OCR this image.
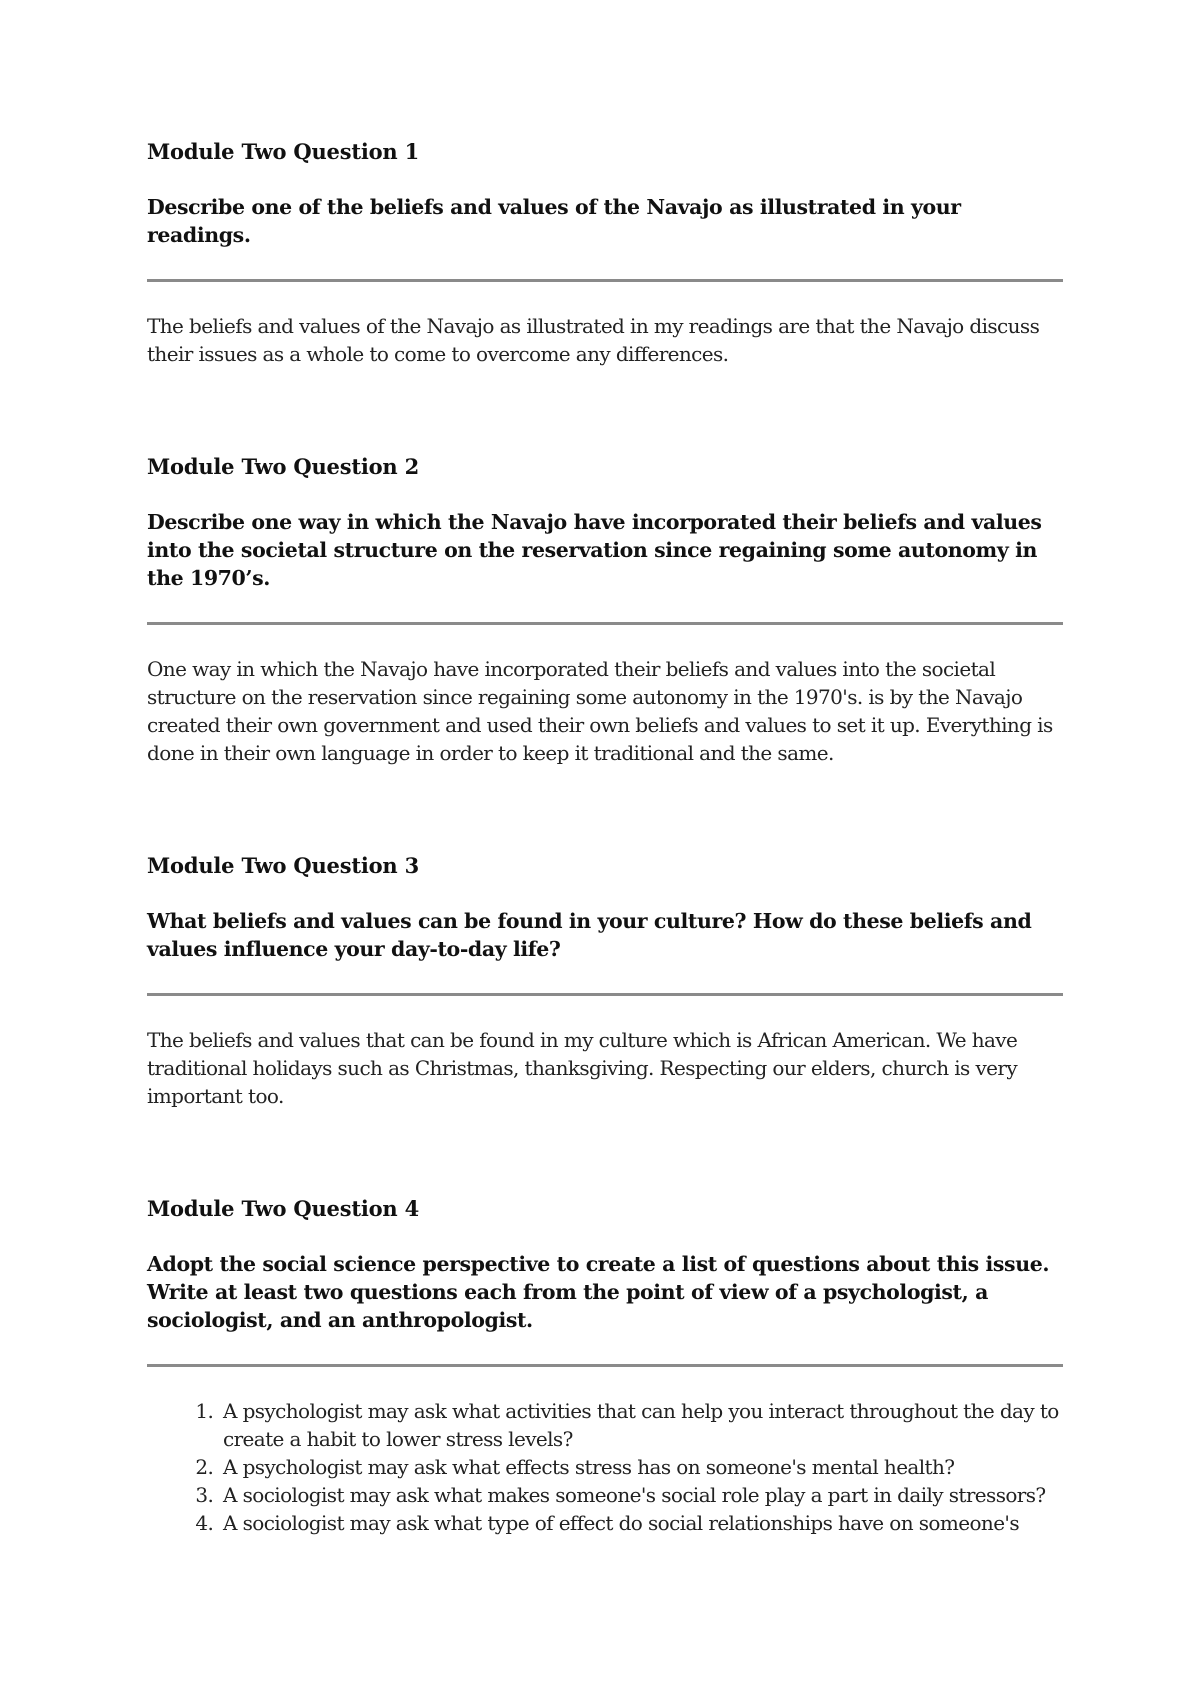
Module Two Question 1

Describe one of the beliefs and values of the Navajo as illustrated in your readings.

The beliefs and values of the Navajo as illustrated in my readings are that the Navajo discuss their issues as a whole to come to overcome any differences.

Module Two Question 2

Describe one way in which the Navajo have incorporated their beliefs and values into the societal structure on the reservation since regaining some autonomy in the 1970’s.

One way in which the Navajo have incorporated their beliefs and values into the societal structure on the reservation since regaining some autonomy in the 1970's. is by the Navajo created their own government and used their own beliefs and values to set it up. Everything is done in their own language in order to keep it traditional and the same.

Module Two Question 3

What beliefs and values can be found in your culture? How do these beliefs and values influence your day-to-day life?

The beliefs and values that can be found in my culture which is African American. We have traditional holidays such as Christmas, thanksgiving. Respecting our elders, church is very important too.

Module Two Question 4

Adopt the social science perspective to create a list of questions about this issue. Write at least two questions each from the point of view of a psychologist, a sociologist, and an anthropologist.

1. A psychologist may ask what activities that can help you interact throughout the day to create a habit to lower stress levels?
2. A psychologist may ask what effects stress has on someone's mental health?
3. A sociologist may ask what makes someone's social role play a part in daily stressors?
4. A sociologist may ask what type of effect do social relationships have on someone's
